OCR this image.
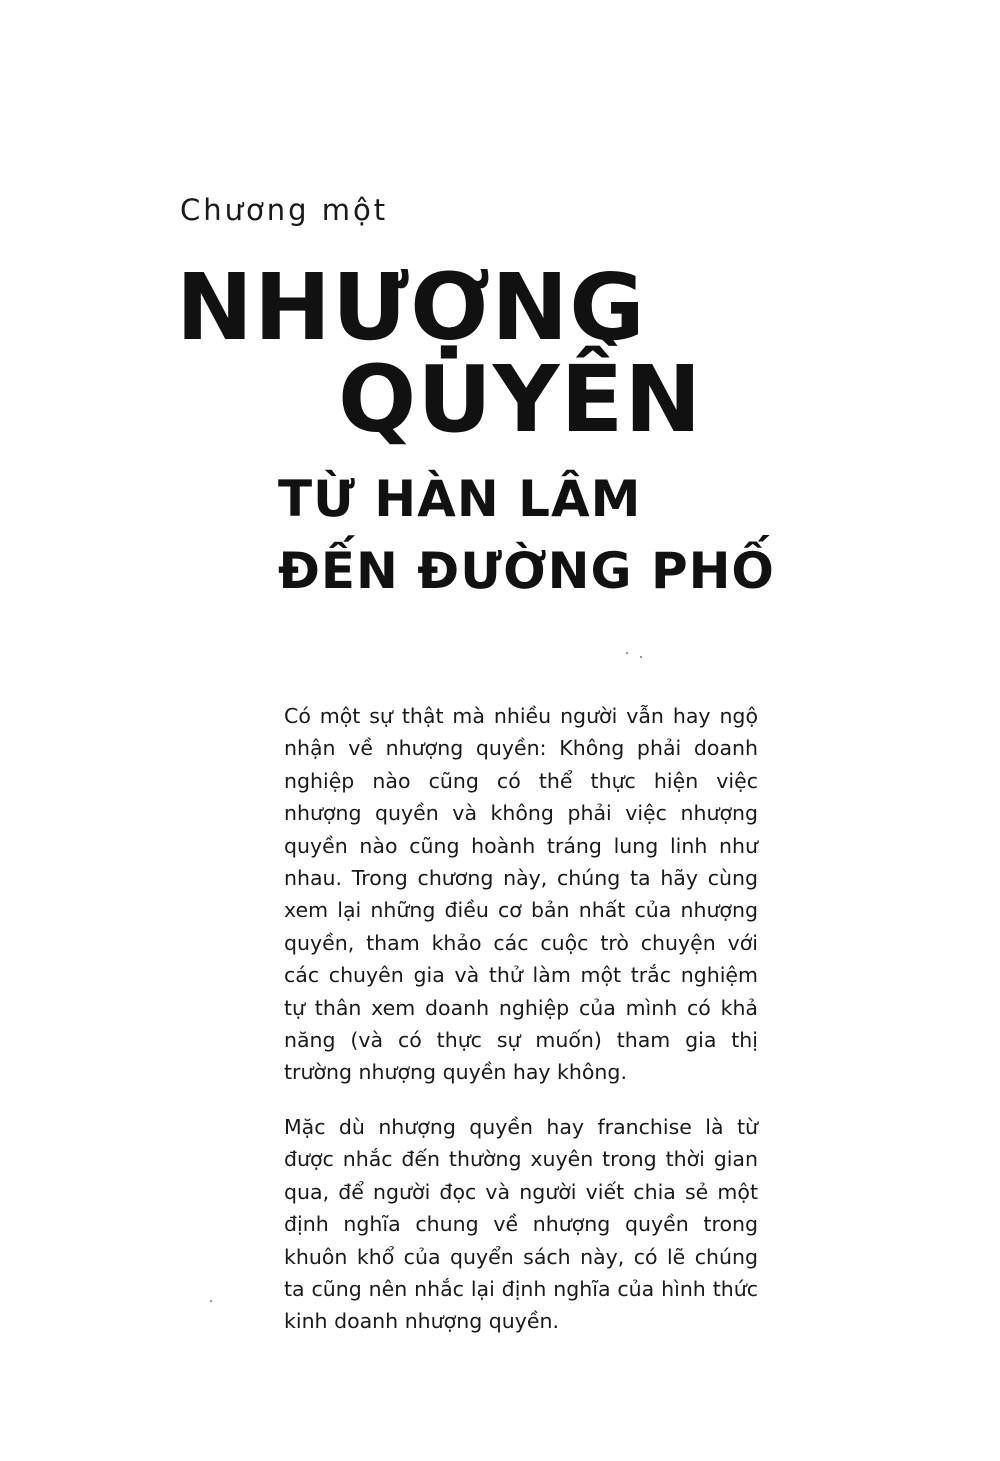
Chương một
NHƯỢNG
QUYỀN
TỪ HÀN LÂM
ĐẾN ĐƯỜNG PHỐ

Có một sự thật mà nhiều người vẫn hay ngộ nhận về nhượng quyền: Không phải doanh nghiệp nào cũng có thể thực hiện việc nhượng quyền và không phải việc nhượng quyền nào cũng hoành tráng lung linh như nhau. Trong chương này, chúng ta hãy cùng xem lại những điều cơ bản nhất của nhượng quyền, tham khảo các cuộc trò chuyện với các chuyên gia và thử làm một trắc nghiệm tự thân xem doanh nghiệp của mình có khả năng (và có thực sự muốn) tham gia thị trường nhượng quyền hay không.

Mặc dù nhượng quyền hay franchise là từ được nhắc đến thường xuyên trong thời gian qua, để người đọc và người viết chia sẻ một định nghĩa chung về nhượng quyền trong khuôn khổ của quyển sách này, có lẽ chúng ta cũng nên nhắc lại định nghĩa của hình thức kinh doanh nhượng quyền.
